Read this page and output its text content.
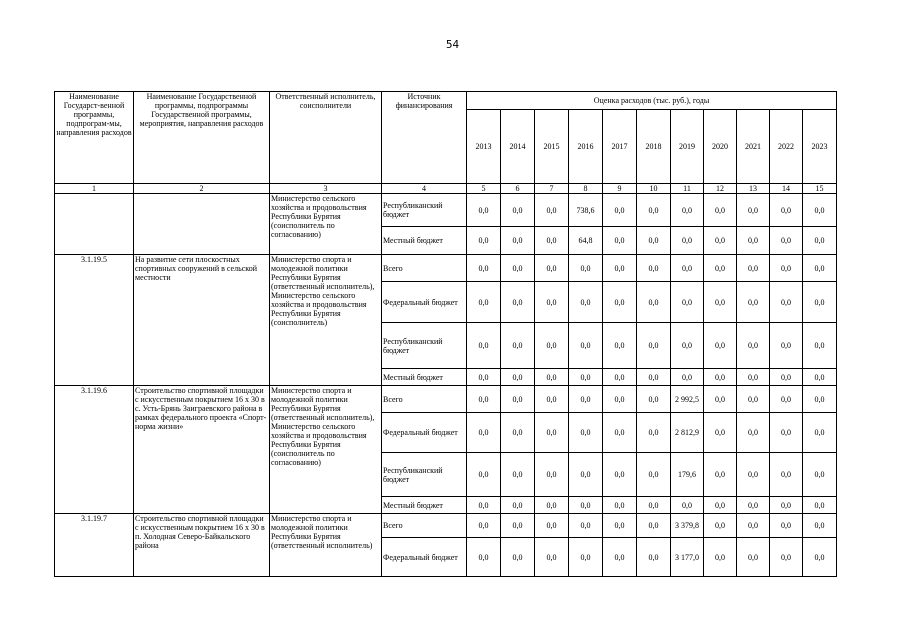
54
Наименование Государст-венной программы, подпрограм-мы, направления расходов	Наименование Государственной программы, подпрограммы Государственной программы, мероприятия, направления расходов	Ответственный исполнитель, соисполнители	Источник финансирования	Оценка расходов (тыс. руб.), годы										
				2013	2014	2015	2016	2017	2018	2019	2020	2021	2022	2023
1	2	3	4	5	6	7	8	9	10	11	12	13	14	15
		Министерство сельского хозяйства и продовольствия Республики Бурятия (соисполнитель по согласованию)	Республиканский бюджет	0,0	0,0	0,0	738,6	0,0	0,0	0,0	0,0	0,0	0,0	0,0
			Местный бюджет	0,0	0,0	0,0	64,8	0,0	0,0	0,0	0,0	0,0	0,0	0,0
3.1.19.5	На развитие сети плоскостных спортивных сооружений в сельской местности	Министерство спорта и молодежной политики Республики Бурятия (ответственный исполнитель), Министерство сельского хозяйства и продовольствия Республики Бурятия (соисполнитель)	Всего	0,0	0,0	0,0	0,0	0,0	0,0	0,0	0,0	0,0	0,0	0,0
			Федеральный бюджет	0,0	0,0	0,0	0,0	0,0	0,0	0,0	0,0	0,0	0,0	0,0
			Республиканский бюджет	0,0	0,0	0,0	0,0	0,0	0,0	0,0	0,0	0,0	0,0	0,0
			Местный бюджет	0,0	0,0	0,0	0,0	0,0	0,0	0,0	0,0	0,0	0,0	0,0
3.1.19.6	Строительство спортивной площадки с искусственным покрытием 16 х 30 в с. Усть-Брянь Заиграевского района в рамках федерального проекта «Спорт-норма жизни»	Министерство спорта и молодежной политики Республики Бурятия (ответственный исполнитель), Министерство сельского хозяйства и продовольствия Республики Бурятия (соисполнитель по согласованию)	Всего	0,0	0,0	0,0	0,0	0,0	0,0	2 992,5	0,0	0,0	0,0	0,0
			Федеральный бюджет	0,0	0,0	0,0	0,0	0,0	0,0	2 812,9	0,0	0,0	0,0	0,0
			Республиканский бюджет	0,0	0,0	0,0	0,0	0,0	0,0	179,6	0,0	0,0	0,0	0,0
			Местный бюджет	0,0	0,0	0,0	0,0	0,0	0,0	0,0	0,0	0,0	0,0	0,0
3.1.19.7	Строительство спортивной площадки с искусственным покрытием 16 х 30 в п. Холодная Северо-Байкальского района	Министерство спорта и молодежной политики Республики Бурятия (ответственный исполнитель)	Всего	0,0	0,0	0,0	0,0	0,0	0,0	3 379,8	0,0	0,0	0,0	0,0
			Федеральный бюджет	0,0	0,0	0,0	0,0	0,0	0,0	3 177,0	0,0	0,0	0,0	0,0
